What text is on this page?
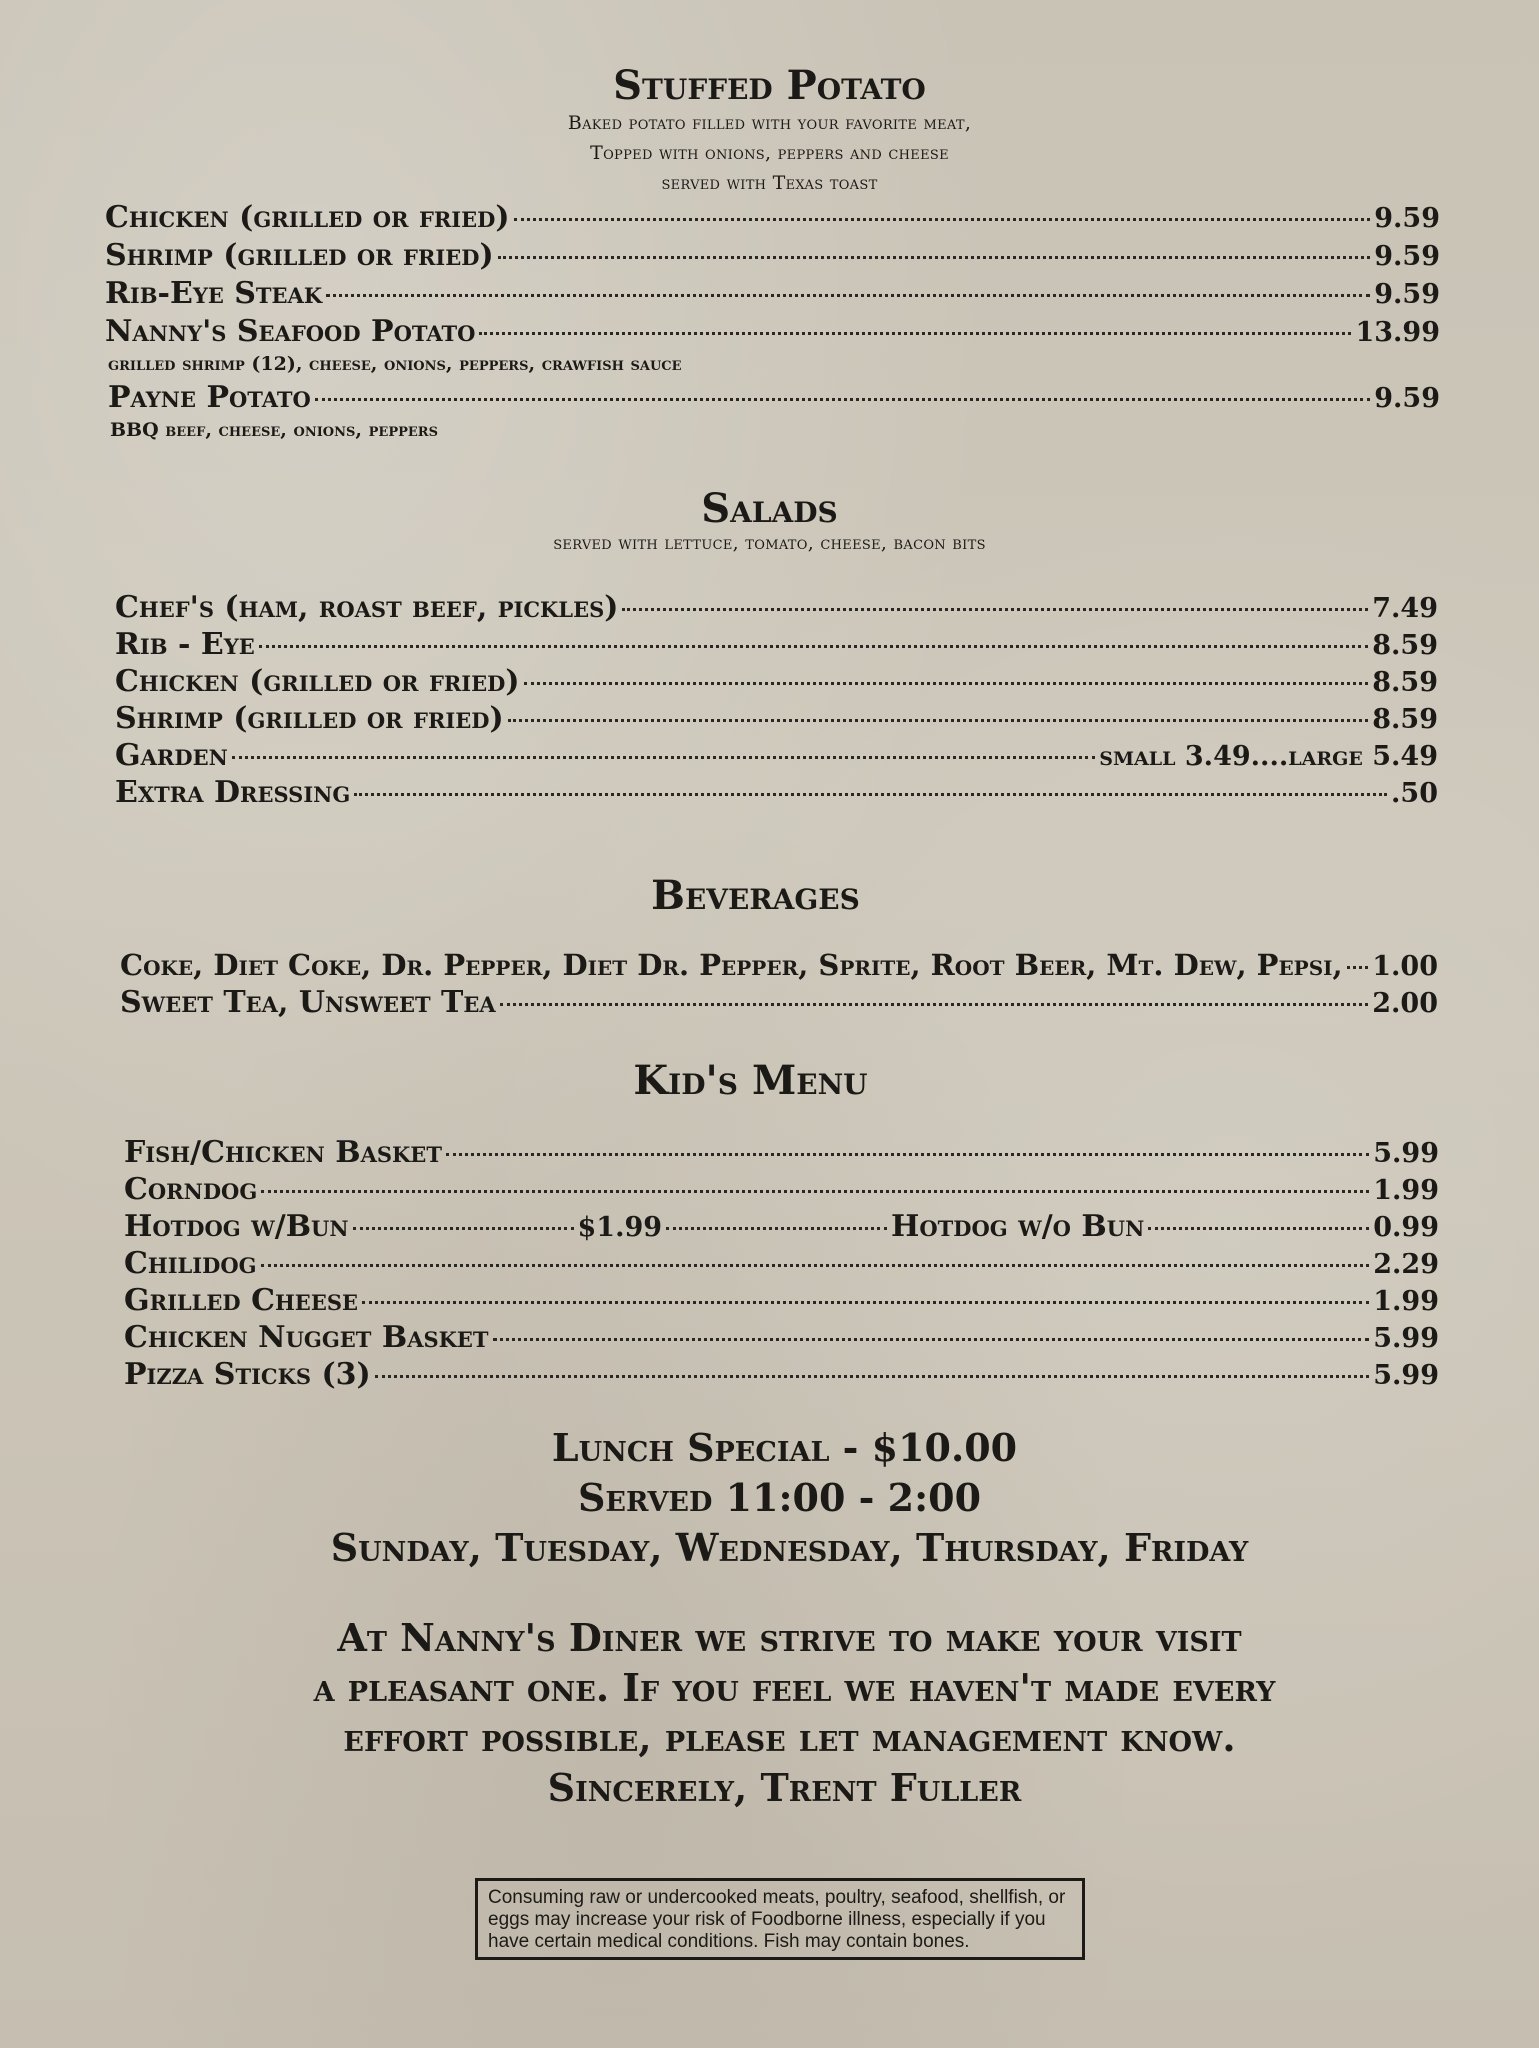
Stuffed Potato
Baked potato filled with your favorite meat,
Topped with onions, peppers and cheese
served with Texas toast
Chicken (grilled or fried)	9.59
Shrimp (grilled or fried)	9.59
Rib-Eye Steak	9.59
Nanny's Seafood Potato	13.99
grilled shrimp (12), cheese, onions, peppers, crawfish sauce
Payne Potato	9.59
BBQ beef, cheese, onions, peppers
Salads
served with lettuce, tomato, cheese, bacon bits
Chef's (ham, roast beef, pickles)	7.49
Rib - Eye	8.59
Chicken (grilled or fried)	8.59
Shrimp (grilled or fried)	8.59
Garden	small 3.49....large 5.49
Extra Dressing	.50
Beverages
Coke, Diet Coke, Dr. Pepper, Diet Dr. Pepper, Sprite, Root Beer, Mt. Dew, Pepsi, 1.00
Sweet Tea, Unsweet Tea	2.00
Kid's Menu
Fish/Chicken Basket	5.99
Corndog	1.99
Hotdog w/Bun	$1.99	Hotdog w/o Bun	0.99
Chilidog	2.29
Grilled Cheese	1.99
Chicken Nugget Basket	5.99
Pizza Sticks (3)	5.99
Lunch Special - $10.00
Served 11:00 - 2:00
Sunday, Tuesday, Wednesday, Thursday, Friday
At Nanny's Diner we strive to make your visit
a pleasant one. If you feel we haven't made every
effort possible, please let management know.
Sincerely, Trent Fuller
Consuming raw or undercooked meats, poultry, seafood, shellfish, or eggs may increase your risk of Foodborne illness, especially if you have certain medical conditions. Fish may contain bones.
